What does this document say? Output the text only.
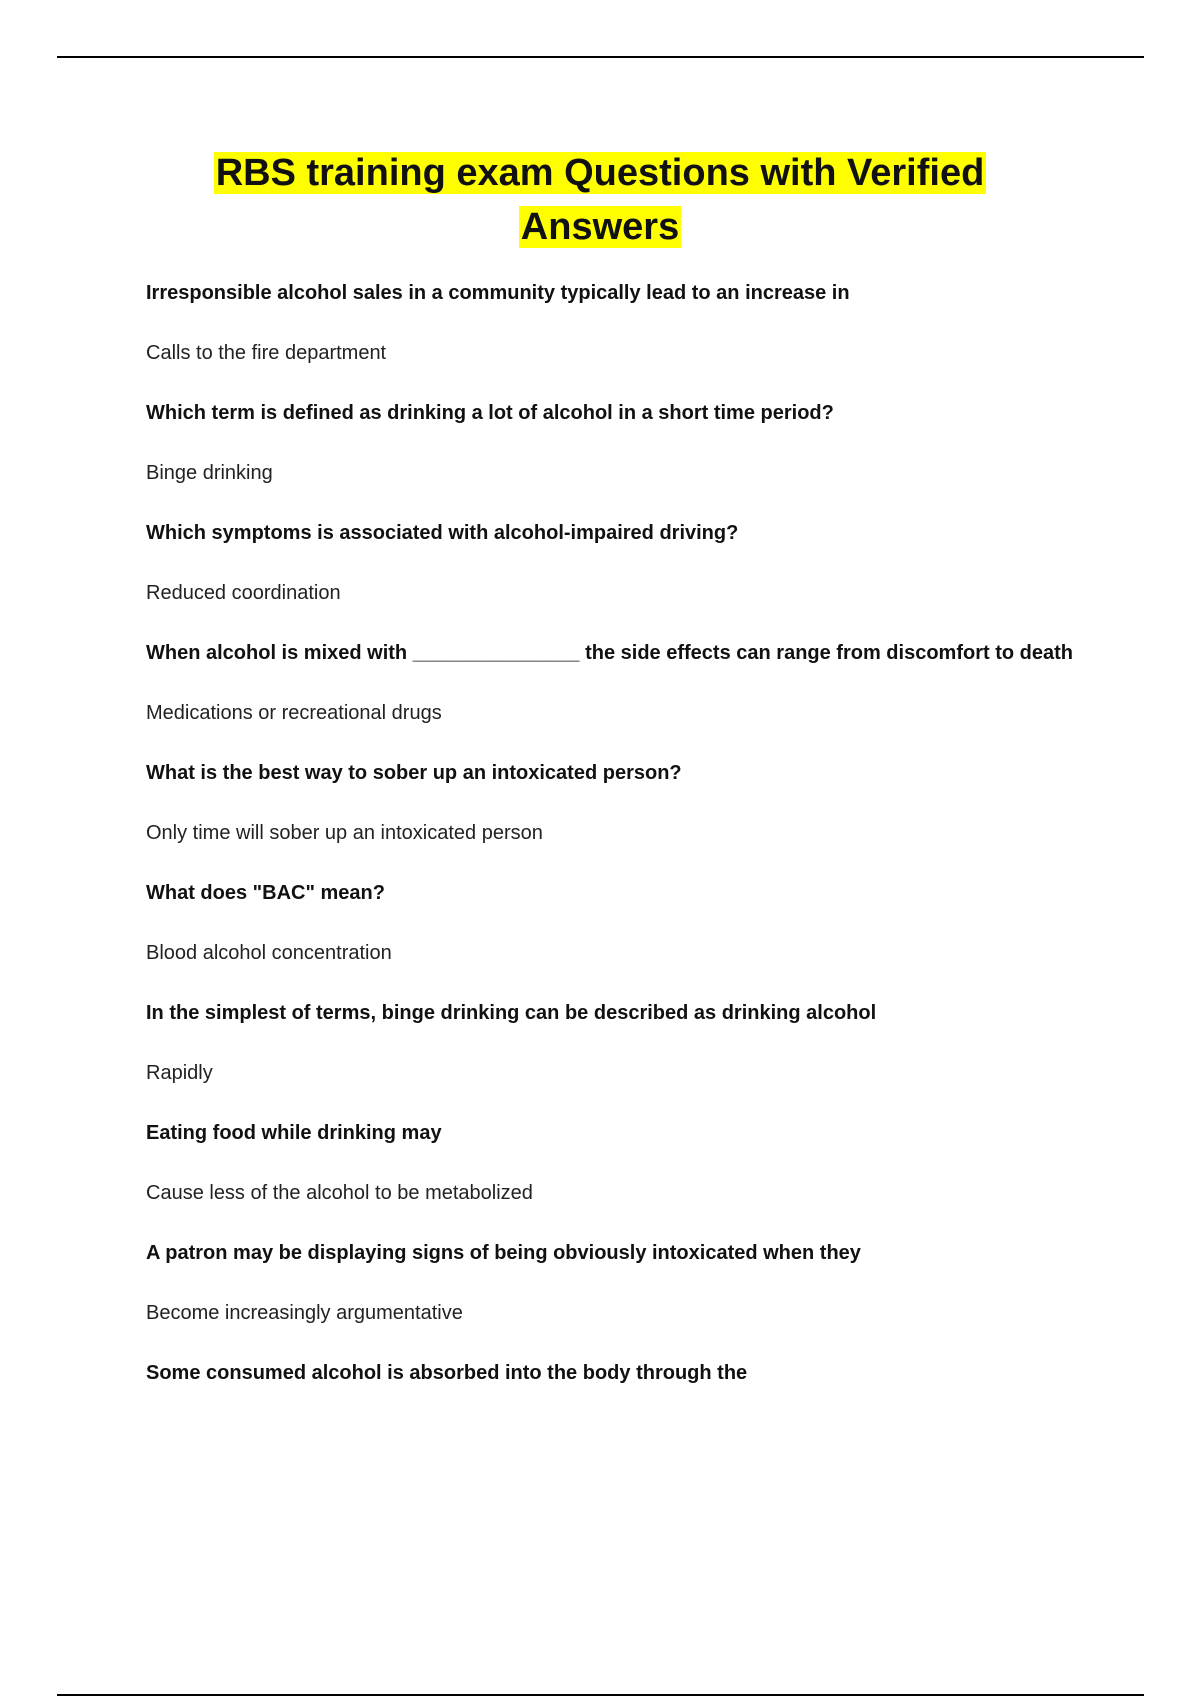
RBS training exam Questions with Verified
Answers

Irresponsible alcohol sales in a community typically lead to an increase in

Calls to the fire department

Which term is defined as drinking a lot of alcohol in a short time period?

Binge drinking

Which symptoms is associated with alcohol-impaired driving?

Reduced coordination

When alcohol is mixed with _______________ the side effects can range from discomfort to death

Medications or recreational drugs

What is the best way to sober up an intoxicated person?

Only time will sober up an intoxicated person

What does "BAC" mean?

Blood alcohol concentration

In the simplest of terms, binge drinking can be described as drinking alcohol

Rapidly

Eating food while drinking may

Cause less of the alcohol to be metabolized

A patron may be displaying signs of being obviously intoxicated when they

Become increasingly argumentative

Some consumed alcohol is absorbed into the body through the
